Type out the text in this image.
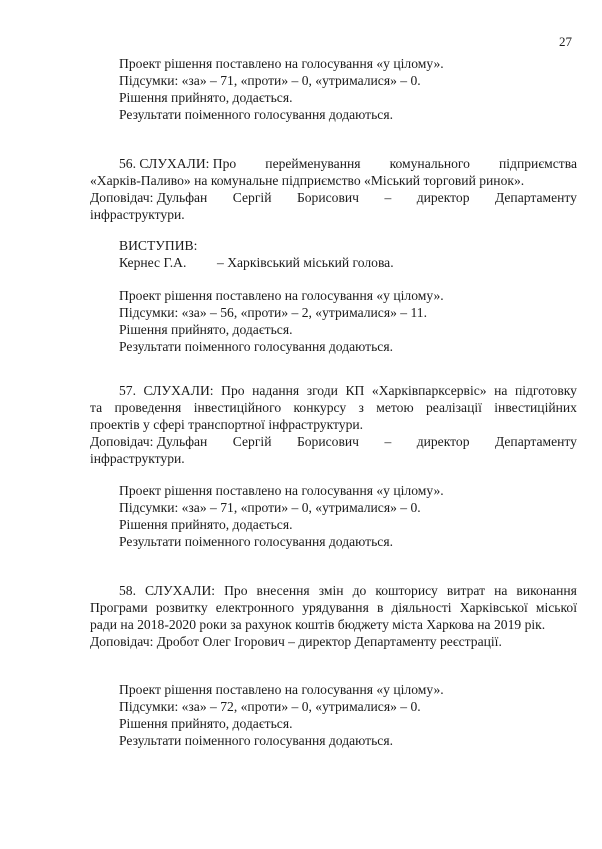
27
Проект рішення поставлено на голосування «у цілому».
Підсумки: «за» – 71, «проти» – 0, «утрималися» – 0.
Рішення прийнято, додається.
Результати поіменного голосування додаються.
56. СЛУХАЛИ: Про перейменування комунального підприємства
«Харків-Паливо» на комунальне підприємство «Міський торговий ринок».
Доповідач: Дульфан Сергій Борисович – директор Департаменту
інфраструктури.
ВИСТУПИВ:
Кернес Г.А. – Харківський міський голова.
Проект рішення поставлено на голосування «у цілому».
Підсумки: «за» – 56, «проти» – 2, «утрималися» – 11.
Рішення прийнято, додається.
Результати поіменного голосування додаються.
57. СЛУХАЛИ: Про надання згоди КП «Харківпарксервіс» на підготовку
та проведення інвестиційного конкурсу з метою реалізації інвестиційних
проектів у сфері транспортної інфраструктури.
Доповідач: Дульфан Сергій Борисович – директор Департаменту
інфраструктури.
Проект рішення поставлено на голосування «у цілому».
Підсумки: «за» – 71, «проти» – 0, «утрималися» – 0.
Рішення прийнято, додається.
Результати поіменного голосування додаються.
58. СЛУХАЛИ: Про внесення змін до кошторису витрат на виконання
Програми розвитку електронного урядування в діяльності Харківської міської
ради на 2018-2020 роки за рахунок коштів бюджету міста Харкова на 2019 рік.
Доповідач: Дробот Олег Ігорович – директор Департаменту реєстрації.
Проект рішення поставлено на голосування «у цілому».
Підсумки: «за» – 72, «проти» – 0, «утрималися» – 0.
Рішення прийнято, додається.
Результати поіменного голосування додаються.
